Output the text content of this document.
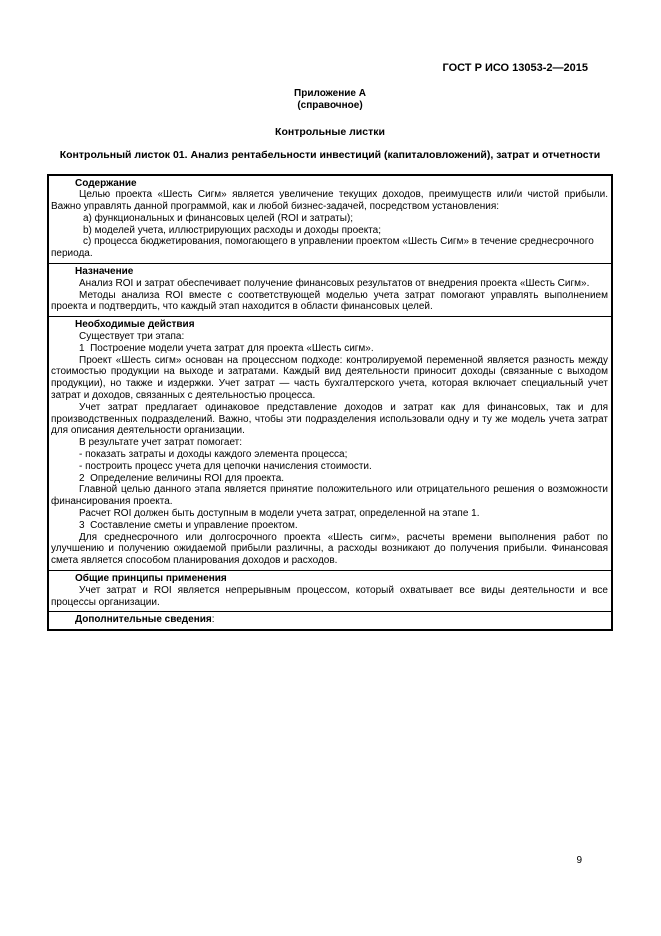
ГОСТ Р ИСО 13053-2—2015
Приложение А
(справочное)
Контрольные листки
Контрольный листок 01. Анализ рентабельности инвестиций (капиталовложений), затрат и отчетности

Содержание

Целью проекта «Шесть Сигм» является увеличение текущих доходов, преимуществ или/и чистой прибыли. Важно управлять данной программой, как и любой бизнес-задачей, посредством установления:

a) функциональных и финансовых целей (ROI и затраты);

b) моделей учета, иллюстрирующих расходы и доходы проекта;

c) процесса бюджетирования, помогающего в управлении проектом «Шесть Сигм» в течение среднесрочного периода.

Назначение

Анализ ROI и затрат обеспечивает получение финансовых результатов от внедрения проекта «Шесть Сигм».

Методы анализа ROI вместе с соответствующей моделью учета затрат помогают управлять выполнением проекта и подтвердить, что каждый этап находится в области финансовых целей.

Необходимые действия

Существует три этапа:

1  Построение модели учета затрат для проекта «Шесть сигм».

Проект «Шесть сигм» основан на процессном подходе: контролируемой переменной является разность между стоимостью продукции на выходе и затратами. Каждый вид деятельности приносит доходы (связанные с выходом продукции), но также и издержки. Учет затрат — часть бухгалтерского учета, которая включает специальный учет затрат и доходов, связанных с деятельностью процесса.

Учет затрат предлагает одинаковое представление доходов и затрат как для финансовых, так и для производственных подразделений. Важно, чтобы эти подразделения использовали одну и ту же модель учета затрат для описания деятельности организации.

В результате учет затрат помогает:

- показать затраты и доходы каждого элемента процесса;

- построить процесс учета для цепочки начисления стоимости.

2  Определение величины ROI для проекта.

Главной целью данного этапа является принятие положительного или отрицательного решения о возможности финансирования проекта.

Расчет ROI должен быть доступным в модели учета затрат, определенной на этапе 1.

3  Составление сметы и управление проектом.

Для среднесрочного или долгосрочного проекта «Шесть сигм», расчеты времени выполнения работ по улучшению и получению ожидаемой прибыли различны, а расходы возникают до получения прибыли. Финансовая смета является способом планирования доходов и расходов.

Общие принципы применения

Учет затрат и ROI является непрерывным процессом, который охватывает все виды деятельности и все процессы организации.

Дополнительные сведения:

9
